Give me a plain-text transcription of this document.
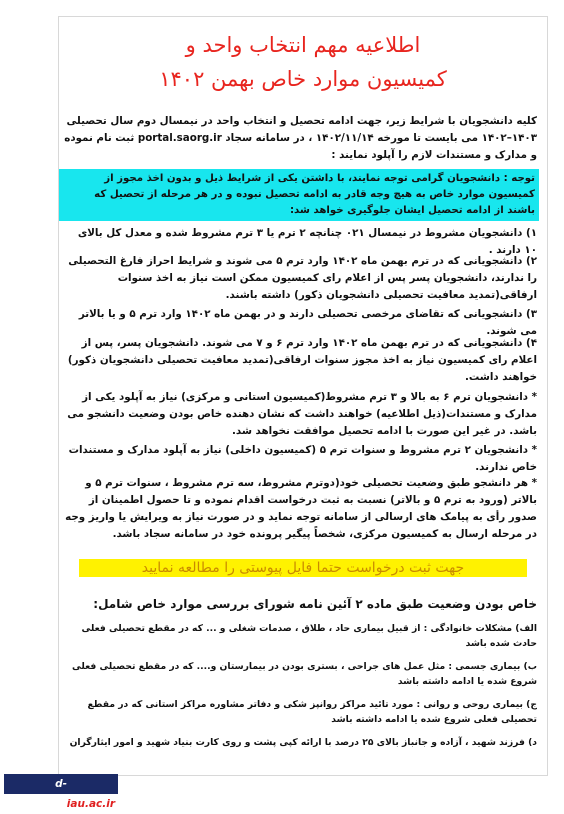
اطلاعیه مهم انتخاب واحد و
کمیسیون موارد خاص بهمن ۱۴۰۲
کلیه دانشجویان با شرایط زیر، جهت ادامه تحصیل و انتخاب واحد در نیمسال دوم سال تحصیلی ۱۴۰۳–۱۴۰۲ می بایست تا مورخه ۱۴۰۲/۱۱/۱۴ ، در سامانه سجاد portal.saorg.ir ثبت نام نموده و مدارک و مستندات لازم را آپلود نمایند :
توجه : دانشجویان گرامی توجه نمایند، با داشتن یکی از شرایط ذیل و بدون اخذ مجوز از کمیسیون موارد خاص به هیچ وجه قادر به ادامه تحصیل نبوده و در هر مرحله از تحصیل که باشند از ادامه تحصیل ایشان جلوگیری خواهد شد:
۱) دانشجویان مشروط در نیمسال ۰۲۱ چنانچه ۲ ترم یا ۳ ترم مشروط شده و معدل کل بالای ۱۰ دارند .
۲) دانشجویانی که در ترم بهمن ماه ۱۴۰۲ وارد ترم ۵ می شوند و شرایط احراز فارغ التحصیلی را ندارند، دانشجویان پسر پس از اعلام رای کمیسیون ممکن است نیاز به اخذ سنوات ارفاقی(تمدید معافیت تحصیلی دانشجویان ذکور) داشته باشند.
۳) دانشجویانی که تقاضای مرخصی تحصیلی دارند و در بهمن ماه ۱۴۰۲ وارد ترم ۵ و یا بالاتر می شوند.
۴) دانشجویانی که در ترم بهمن ماه ۱۴۰۲ وارد ترم ۶ و ۷ می شوند. دانشجویان پسر، پس از اعلام رای کمیسیون نیاز به اخذ مجوز سنوات ارفاقی(تمدید معافیت تحصیلی دانشجویان ذکور) خواهند داشت.
* دانشجویان ترم ۶ به بالا و ۳ ترم مشروط(کمیسیون استانی و مرکزی) نیاز به آپلود یکی از مدارک و مستندات(ذیل اطلاعیه) خواهند داشت که نشان دهنده خاص بودن وضعیت دانشجو می باشد. در غیر این صورت با ادامه تحصیل موافقت نخواهد شد.
* دانشجویان ۲ ترم مشروط و سنوات ترم ۵ (کمیسیون داخلی) نیاز به آپلود مدارک و مستندات خاص ندارند.
* هر دانشجو طبق وضعیت تحصیلی خود(دوترم مشروط، سه ترم مشروط ، سنوات ترم ۵ و بالاتر (ورود به ترم ۵ و بالاتر) نسبت به ثبت درخواست اقدام نموده و تا حصول اطمینان از صدور رأی به پیامک های ارسالی از سامانه توجه نماید و در صورت نیاز به ویرایش یا واریز وجه در مرحله ارسال به کمیسیون مرکزی، شخصاً پیگیر پرونده خود در سامانه سجاد باشد.
جهت ثبت درخواست حتما فایل پیوستی را مطالعه نمایید
خاص بودن وضعیت طبق ماده ۲ آئین نامه شورای بررسی موارد خاص شامل:
الف) مشکلات خانوادگی : از قبیل بیماری حاد ، طلاق ، صدمات شغلی و ... که در مقطع تحصیلی فعلی حادث شده باشد
ب) بیماری جسمی : مثل عمل های جراحی ، بستری بودن در بیمارستان و.... که در مقطع تحصیلی فعلی شروع شده یا ادامه داشته باشد
ج) بیماری روحی و روانی : مورد تائید مراکز روانپز شکی و دفاتر مشاوره مراکز استانی که در مقطع تحصیلی فعلی شروع شده یا ادامه داشته باشد
د) فرزند شهید ، آزاده و جانباز بالای ۲۵ درصد با ارائه کپی پشت و روی کارت بنیاد شهید و امور ایثارگران
d-orumiyeh.iau.ac.ir
